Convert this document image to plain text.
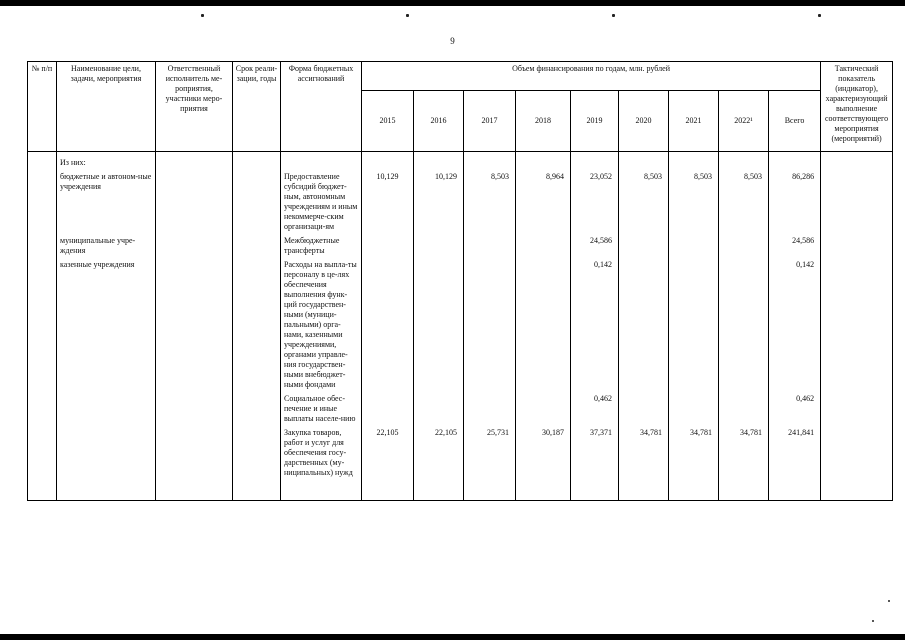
9
№ п/п	Наименование цели, задачи, мероприятия	Ответственный исполнитель ме-роприятия, участники меро-приятия	Срок реали-зации, годы	Форма бюджетных ассигнований	Объем финансирования по годам, млн. рублей									Тактический показатель (индикатор), характеризующий выполнение соответствующего мероприятия (мероприятий)
					2015	2016	2017	2018	2019	2020	2021	2022¹	Всего	
	Из них:													
	бюджетные и автоном-ные учреждения			Предоставление субсидий бюджет-ным, автономным учреждениям и иным некоммерче-ским организаци-ям	10,129	10,129	8,503	8,964	23,052	8,503	8,503	8,503	86,286	
	муниципальные учре-ждения			Межбюджетные трансферты					24,586				24,586	
	казенные учреждения			Расходы на выпла-ты персоналу в це-лях обеспечения выполнения функ-ций государствен-ными (муници-пальными) орга-нами, казенными учреждениями, органами управле-ния государствен-ными внебюджет-ными фондами					0,142				0,142	
				Социальное обес-печение и иные выплаты населе-нию					0,462				0,462	
				Закупка товаров, работ и услуг для обеспечения госу-дарственных (му-ниципальных) нужд	22,105	22,105	25,731	30,187	37,371	34,781	34,781	34,781	241,841	
